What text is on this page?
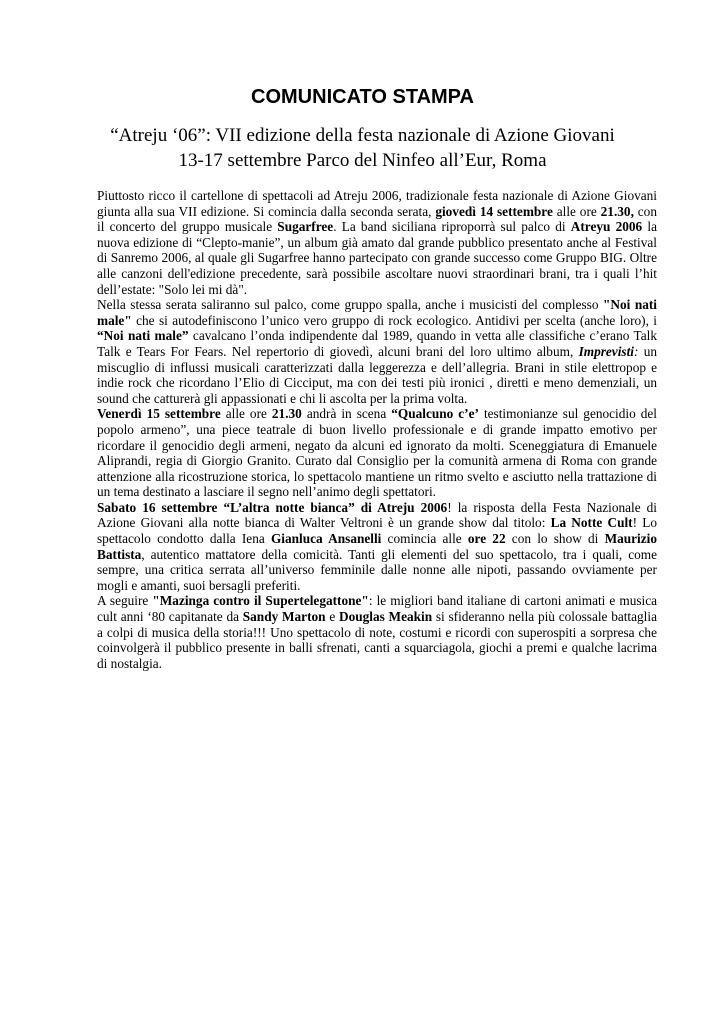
COMUNICATO STAMPA
“Atreju ‘06”: VII edizione della festa nazionale di Azione Giovani
13-17 settembre Parco del Ninfeo all’Eur, Roma

Piuttosto ricco il cartellone di spettacoli ad Atreju 2006, tradizionale festa nazionale di Azione Giovani giunta alla sua VII edizione. Si comincia dalla seconda serata, giovedì 14 settembre alle ore 21.30, con il concerto del gruppo musicale Sugarfree. La band siciliana riproporrà sul palco di Atreyu 2006 la nuova edizione di “Clepto-manie”, un album già amato dal grande pubblico presentato anche al Festival di Sanremo 2006, al quale gli Sugarfree hanno partecipato con grande successo come Gruppo BIG. Oltre alle canzoni dell'edizione precedente, sarà possibile ascoltare nuovi straordinari brani, tra i quali l’hit dell’estate: "Solo lei mi dà".

Nella stessa serata saliranno sul palco, come gruppo spalla, anche i musicisti del complesso "Noi nati male" che si autodefiniscono l’unico vero gruppo di rock ecologico. Antidivi per scelta (anche loro), i “Noi nati male” cavalcano l’onda indipendente dal 1989, quando in vetta alle classifiche c’erano Talk Talk e Tears For Fears. Nel repertorio di giovedì, alcuni brani del loro ultimo album, Imprevisti: un miscuglio di influssi musicali caratterizzati dalla leggerezza e dell’allegria. Brani in stile elettropop e indie rock che ricordano l’Elio di Cicciput, ma con dei testi più ironici , diretti e meno demenziali, un sound che catturerà gli appassionati e chi li ascolta per la prima volta.

Venerdì 15 settembre alle ore 21.30 andrà in scena “Qualcuno c’e’ testimonianze sul genocidio del popolo armeno”, una piece teatrale di buon livello professionale e di grande impatto emotivo per ricordare il genocidio degli armeni, negato da alcuni ed ignorato da molti. Sceneggiatura di Emanuele Aliprandi, regia di Giorgio Granito. Curato dal Consiglio per la comunità armena di Roma con grande attenzione alla ricostruzione storica, lo spettacolo mantiene un ritmo svelto e asciutto nella trattazione di un tema destinato a lasciare il segno nell’animo degli spettatori.

Sabato 16 settembre “L’altra notte bianca” di Atreju 2006! la risposta della Festa Nazionale di Azione Giovani alla notte bianca di Walter Veltroni è un grande show dal titolo: La Notte Cult! Lo spettacolo condotto dalla Iena Gianluca Ansanelli comincia alle ore 22 con lo show di Maurizio Battista, autentico mattatore della comicità. Tanti gli elementi del suo spettacolo, tra i quali, come sempre, una critica serrata all’universo femminile dalle nonne alle nipoti, passando ovviamente per mogli e amanti, suoi bersagli preferiti.

A seguire "Mazinga contro il Supertelegattone": le migliori band italiane di cartoni animati e musica cult anni ‘80 capitanate da Sandy Marton e Douglas Meakin si sfideranno nella più colossale battaglia a colpi di musica della storia!!! Uno spettacolo di note, costumi e ricordi con superospiti a sorpresa che coinvolgerà il pubblico presente in balli sfrenati, canti a squarciagola, giochi a premi e qualche lacrima di nostalgia.
